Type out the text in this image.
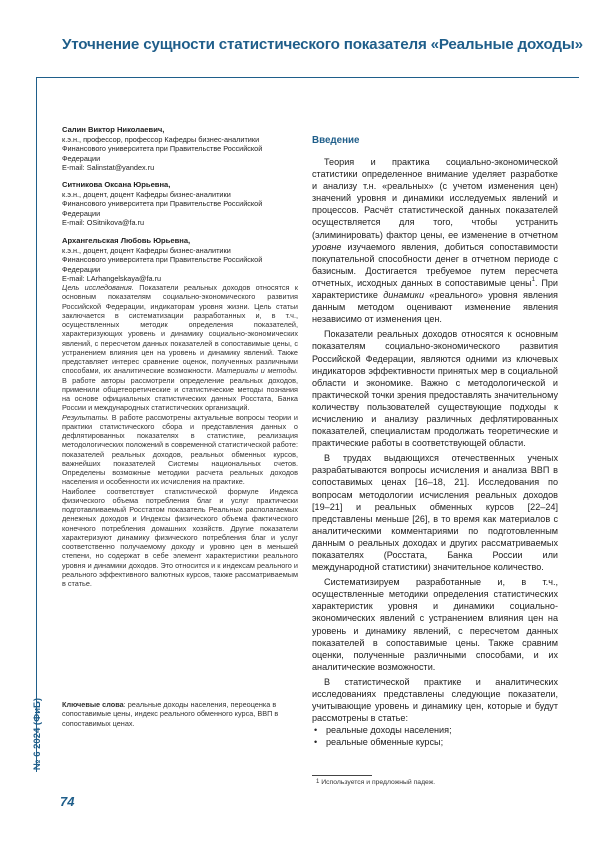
Уточнение сущности статистического показателя «Реальные доходы»
№ 6 2024 (ФиБ)
74
Салин Виктор Николаевич,
к.э.н., профессор, профессор Кафедры бизнес-аналитики
Финансового университета при Правительстве Российской
Федерации
E-mail: Salinstat@yandex.ru
Ситникова Оксана Юрьевна,
к.э.н., доцент, доцент Кафедры бизнес-аналитики
Финансового университета при Правительстве Российской
Федерации
E-mail: OSitnikova@fa.ru
Архангельская Любовь Юрьевна,
к.э.н., доцент, доцент Кафедры бизнес-аналитики
Финансового университета при Правительстве Российской
Федерации
E-mail: LArhangelskaya@fa.ru

Цель исследования. Показатели реальных доходов относятся к основным показателям социально-экономического развития Российской Федерации, индикаторам уровня жизни. Цель статьи заключается в систематизации разработанных и, в т.ч., осуществленных методик определения показателей, характеризующих уровень и динамику социально-экономических явлений, с пересчетом данных показателей в сопоставимые цены, с устранением влияния цен на уровень и динамику явлений. Также представляет интерес сравнение оценок, полученных различными способами, их аналитические возможности. Материалы и методы. В работе авторы рассмотрели определение реальных доходов, применили общетеоретические и статистические методы познания на основе официальных статистических данных Росстата, Банка России и международных статистических организаций.

Результаты. В работе рассмотрены актуальные вопросы теории и практики статистического сбора и представления данных о дефлятированных показателях в статистике, реализация методологических положений в современной статистической работе: показателей реальных доходов, реальных обменных курсов, важнейших показателей Системы национальных счетов. Определены возможные методики расчета реальных доходов населения и особенности их исчисления на практике.

Наиболее соответствует статистической формуле Индекса физического объема потребления благ и услуг практически подготавливаемый Росстатом показатель Реальных располагаемых денежных доходов и Индексы физического объема фактического конечного потребления домашних хозяйств. Другие показатели характеризуют динамику физического потребления благ и услуг соответственно получаемому доходу и уровню цен в меньшей степени, но содержат в себе элемент характеристики реального уровня и динамики доходов. Это относится и к индексам реального и реального эффективного валютных курсов, также рассматриваемым в статье.

Ключевые слова: реальные доходы населения, переоценка в сопоставимые цены, индекс реального обменного курса, ВВП в сопоставимых ценах.
Введение

Теория и практика социально-экономической статистики определенное внимание уделяет разработке и анализу т.н. «реальных» (с учетом изменения цен) значений уровня и динамики исследуемых явлений и процессов. Расчёт статистической данных показателей осуществляется для того, чтобы устранить (элиминировать) фактор цены, ее изменение в отчетном уровне изучаемого явления, добиться сопоставимости покупательной способности денег в отчетном периоде с базисным. Достигается требуемое путем пересчета отчетных, исходных данных в сопоставимые цены$^1$. При характеристике динамики «реального» уровня явления данным методом оценивают изменение явления независимо от изменения цен.

Показатели реальных доходов относятся к основным показателям социально-экономического развития Российской Федерации, являются одними из ключевых индикаторов эффективности принятых мер в социальной области и экономике. Важно с методологической и практической точки зрения предоставлять значительному количеству пользователей существующие подходы к исчислению и анализу различных дефлятированных показателей, специалистам продолжать теоретические и практические работы в соответствующей области.

В трудах выдающихся отечественных ученых разрабатываются вопросы исчисления и анализа ВВП в сопоставимых ценах [16–18, 21]. Исследования по вопросам методологии исчисления реальных доходов [19–21] и реальных обменных курсов [22–24] представлены меньше [26], в то время как материалов с аналитическими комментариями по подготовленным данным о реальных доходах и других рассматриваемых показателях (Росстата, Банка России или международной статистики) значительное количество.

Систематизируем разработанные и, в т.ч., осуществленные методики определения статистических характеристик уровня и динамики социально-экономических явлений с устранением влияния цен на уровень и динамику явлений, с пересчетом данных показателей в сопоставимые цены. Также сравним оценки, полученные различными способами, и их аналитические возможности.

В статистической практике и аналитических исследованиях представлены следующие показатели, учитывающие уровень и динамику цен, которые и будут рассмотрены в статье:

• реальные доходы населения;
• реальные обменные курсы;
$^1$ Используется и предложный падеж.
